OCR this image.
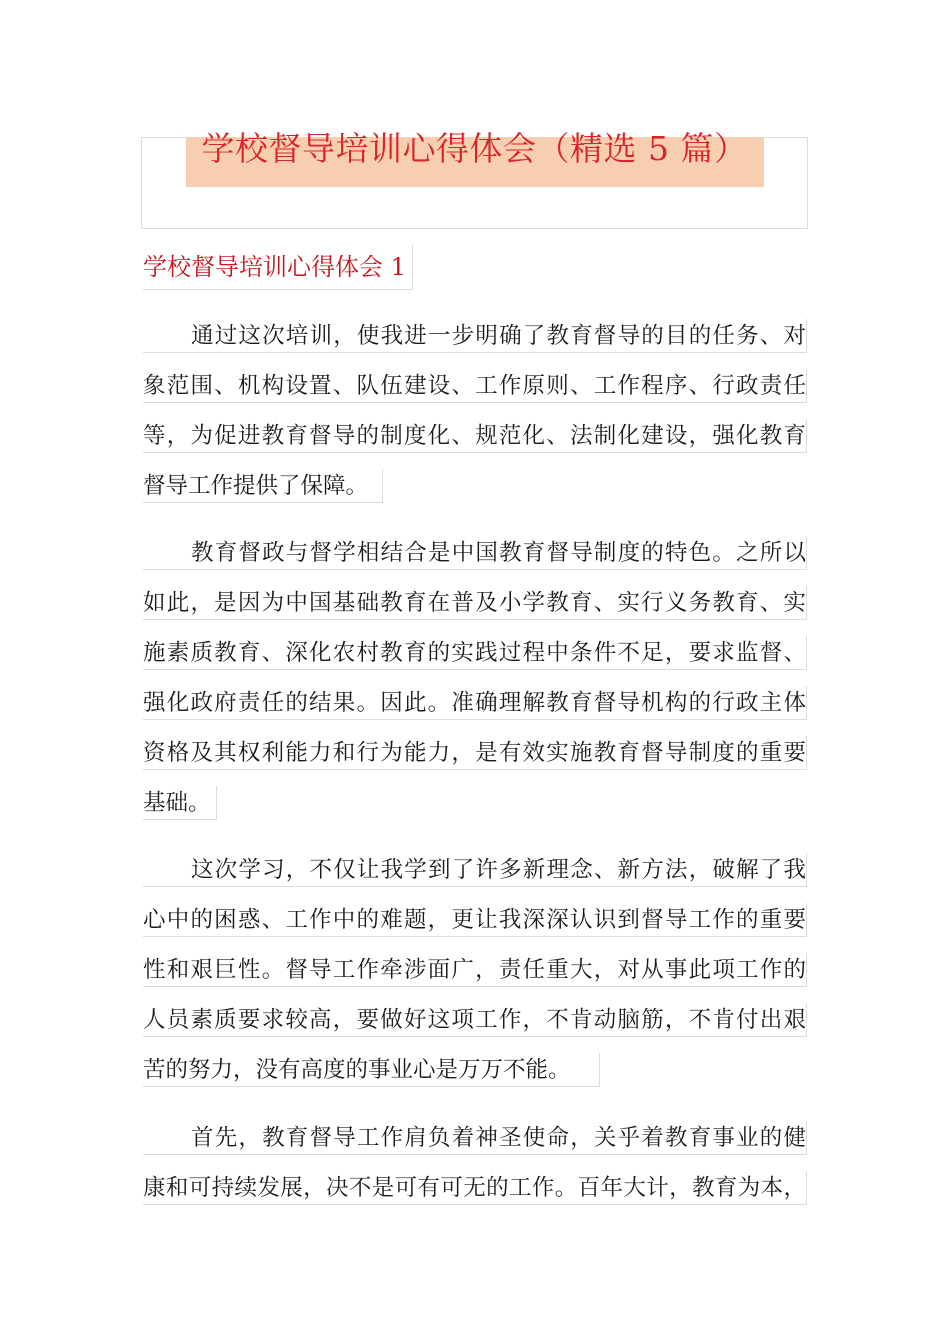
学校督导培训心得体会（精选 5 篇）
学校督导培训心得体会 1
通过这次培训，使我进一步明确了教育督导的目的任务、对
象范围、机构设置、队伍建设、工作原则、工作程序、行政责任
等，为促进教育督导的制度化、规范化、法制化建设，强化教育
督导工作提供了保障。
教育督政与督学相结合是中国教育督导制度的特色。之所以
如此，是因为中国基础教育在普及小学教育、实行义务教育、实
施素质教育、深化农村教育的实践过程中条件不足，要求监督、
强化政府责任的结果。因此。准确理解教育督导机构的行政主体
资格及其权利能力和行为能力，是有效实施教育督导制度的重要
基础。
这次学习，不仅让我学到了许多新理念、新方法，破解了我
心中的困惑、工作中的难题，更让我深深认识到督导工作的重要
性和艰巨性。督导工作牵涉面广，责任重大，对从事此项工作的
人员素质要求较高，要做好这项工作，不肯动脑筋，不肯付出艰
苦的努力，没有高度的事业心是万万不能。
首先，教育督导工作肩负着神圣使命，关乎着教育事业的健
康和可持续发展，决不是可有可无的工作。百年大计，教育为本，
